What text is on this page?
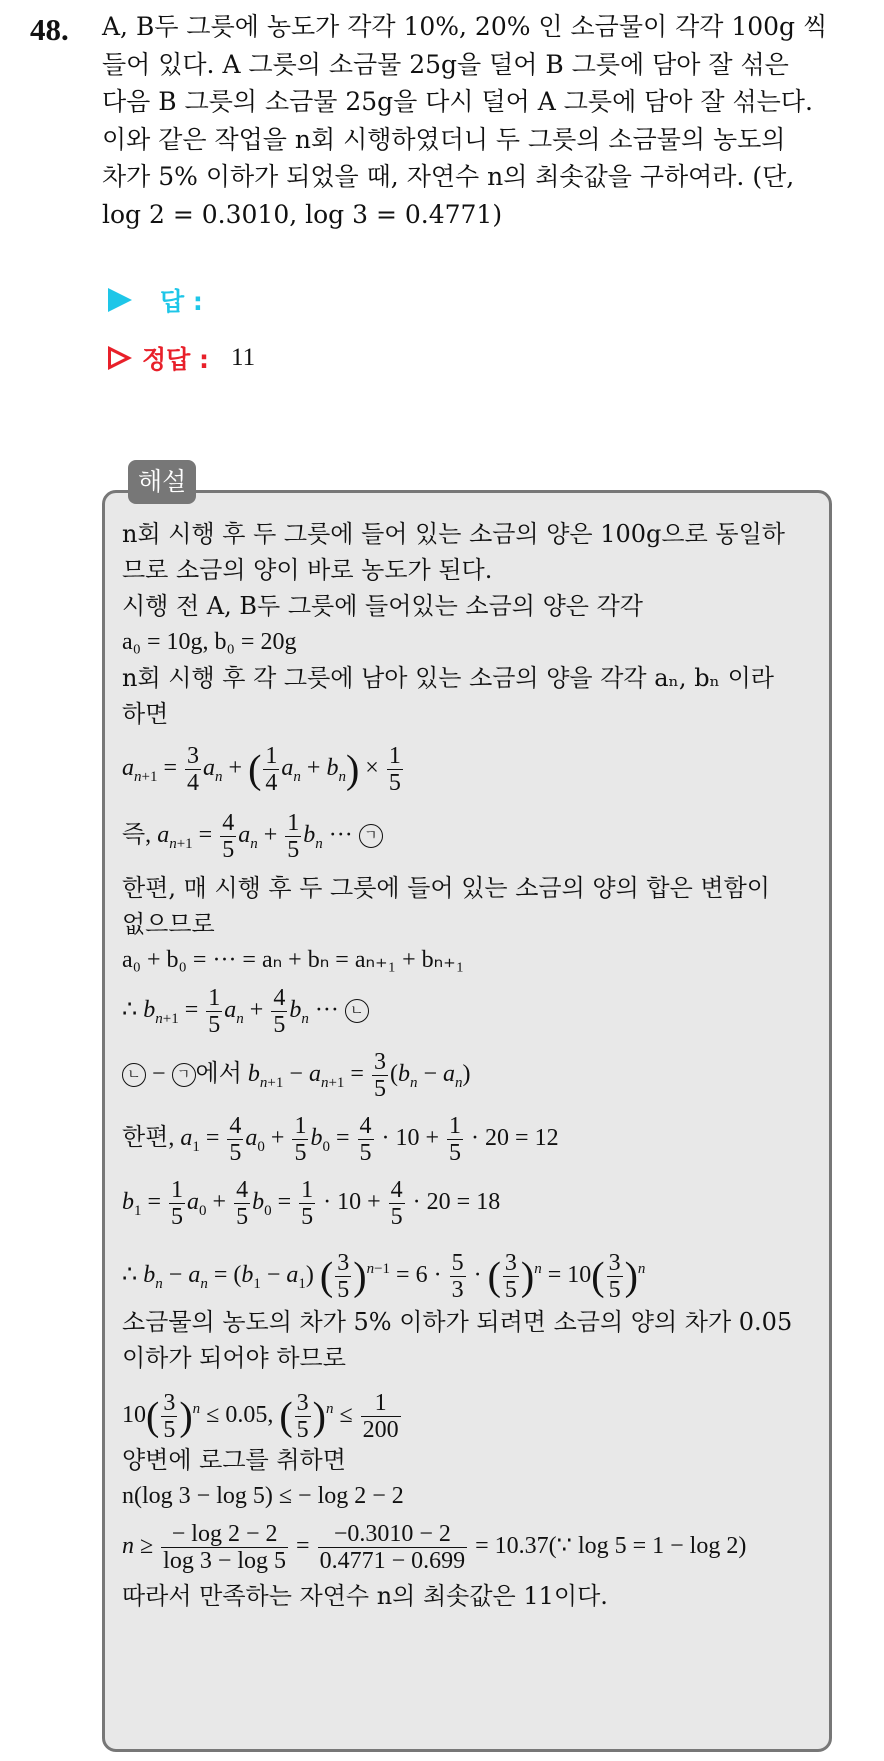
48. A, B두 그릇에 농도가 각각 10%, 20% 인 소금물이 각각 100g 씩
들어 있다. A 그릇의 소금물 25g을 덜어 B 그릇에 담아 잘 섞은
다음 B 그릇의 소금물 25g을 다시 덜어 A 그릇에 담아 잘 섞는다.
이와 같은 작업을 n회 시행하였더니 두 그릇의 소금물의 농도의
차가 5% 이하가 되었을 때, 자연수 n의 최솟값을 구하여라. (단,
log 2 = 0.3010, log 3 = 0.4771)
답 :
정답 : 11
해설
n회 시행 후 두 그릇에 들어 있는 소금의 양은 100g으로 동일하
므로 소금의 양이 바로 농도가 된다.
시행 전 A, B두 그릇에 들어있는 소금의 양은 각각
a₀ = 10g, b₀ = 20g
n회 시행 후 각 그릇에 남아 있는 소금의 양을 각각 aₙ, bₙ 이라
하면
$a_{n+1} = \frac{3}{4} a_n$ + ( $\frac{1}{4} a_n + b_n) \times \frac{1}{5}$
즉, $a_{n+1} = \frac{4}{5} a_n + \frac{1}{5} b_n$ ··· ㄱ
한편, 매 시행 후 두 그릇에 들어 있는 소금의 양의 합은 변함이
없으므로
a₀ + b₀ = ··· = aₙ + bₙ = aₙ₊₁ + bₙ₊₁
∴ $b_{n+1} = \frac{1}{5} a_n + \frac{4}{5} b_n$ ··· ㄴ
ㄴ − ㄱ 에서 $b_{n+1} - a_{n+1} = \frac{3}{5} (b_n - a_n)$
한편, $a_1 = \frac{4}{5} a_0 + \frac{1}{5} b_0 = \frac{4}{5} \cdot 10 + \frac{1}{5} \cdot 20 = 12$
$b_1 = \frac{1}{5} a_0 + \frac{4}{5} b_0 = \frac{1}{5} \cdot 10 + \frac{4}{5} \cdot 20 = 18$
∴ $b_n - a_n = (b_1 - a_1)$ ( $\frac{3}{5} )^{n-1} = 6 \cdot \frac{5}{3}$ · ( $\frac{3}{5} )^n = 10( \frac{3}{5} )^n$
소금물의 농도의 차가 5% 이하가 되려면 소금의 양의 차가 0.05
이하가 되어야 하므로
$10( \frac{3}{5} )^n \le 0.05$, ( $\frac{3}{5} )^n \le \frac{1}{200}$
양변에 로그를 취하면
n(log 3 − log 5) ≤ − log 2 − 2
$n \ge \frac{- \log 2 - 2}{\log 3 - \log 5} = \frac{-0.3010 - 2}{0.4771 - 0.699}$ = 10.37(∵ log 5 = 1 − log 2)
따라서 만족하는 자연수 n의 최솟값은 11이다.
